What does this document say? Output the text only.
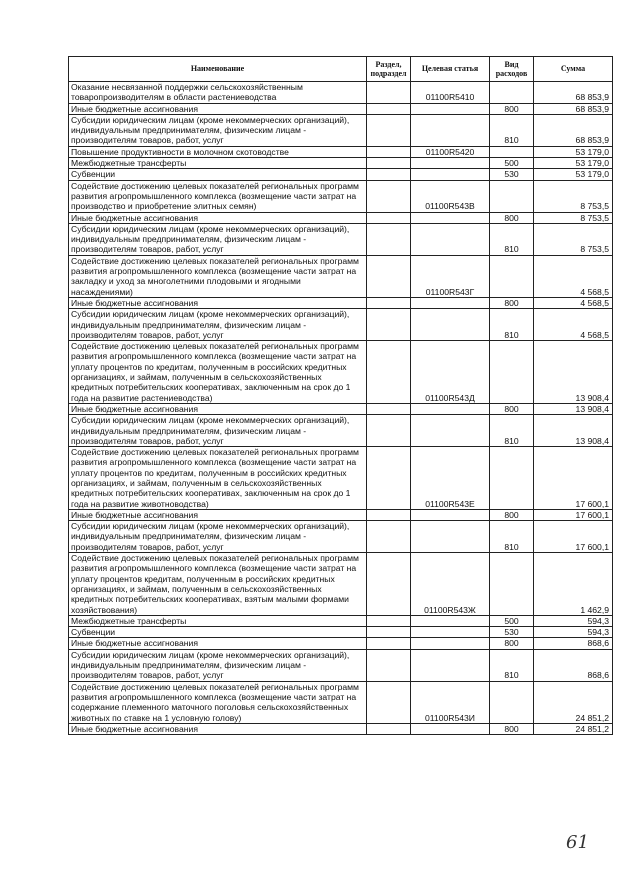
Наименование	Раздел, подраздел	Целевая статья	Вид расходов	Сумма
Оказание несвязанной поддержки сельскохозяйственным товаропроизводителям в области растениеводства		01100R5410		68 853,9
Иные бюджетные ассигнования			800	68 853,9
Субсидии юридическим лицам (кроме некоммерческих организаций), индивидуальным предпринимателям, физическим лицам - производителям товаров, работ, услуг			810	68 853,9
Повышение продуктивности в молочном скотоводстве		01100R5420		53 179,0
Межбюджетные трансферты			500	53 179,0
Субвенции			530	53 179,0
Содействие достижению целевых показателей региональных программ развития агропромышленного комплекса (возмещение части затрат на производство и приобретение элитных семян)		01100R543В		8 753,5
Иные бюджетные ассигнования			800	8 753,5
Субсидии юридическим лицам (кроме некоммерческих организаций), индивидуальным предпринимателям, физическим лицам - производителям товаров, работ, услуг			810	8 753,5
Содействие достижению целевых показателей региональных программ развития агропромышленного комплекса (возмещение части затрат на закладку и уход за многолетними плодовыми и ягодными насаждениями)		01100R543Г		4 568,5
Иные бюджетные ассигнования			800	4 568,5
Субсидии юридическим лицам (кроме некоммерческих организаций), индивидуальным предпринимателям, физическим лицам - производителям товаров, работ, услуг			810	4 568,5
Содействие достижению целевых показателей региональных программ развития агропромышленного комплекса (возмещение части затрат на уплату процентов по кредитам, полученным в российских кредитных организациях, и займам, полученным в сельскохозяйственных кредитных потребительских кооперативах, заключенным на срок до 1 года на развитие растениеводства)		01100R543Д		13 908,4
Иные бюджетные ассигнования			800	13 908,4
Субсидии юридическим лицам (кроме некоммерческих организаций), индивидуальным предпринимателям, физическим лицам - производителям товаров, работ, услуг			810	13 908,4
Содействие достижению целевых показателей региональных программ развития агропромышленного комплекса (возмещение части затрат на уплату процентов по кредитам, полученным в российских кредитных организациях, и займам, полученным в сельскохозяйственных кредитных потребительских кооперативах, заключенным на срок до 1 года на развитие животноводства)		01100R543Е		17 600,1
Иные бюджетные ассигнования			800	17 600,1
Субсидии юридическим лицам (кроме некоммерческих организаций), индивидуальным предпринимателям, физическим лицам - производителям товаров, работ, услуг			810	17 600,1
Содействие достижению целевых показателей региональных программ развития агропромышленного комплекса (возмещение части затрат на уплату процентов кредитам, полученным в российских кредитных организациях, и займам, полученным в сельскохозяйственных кредитных потребительских кооперативах, взятым малыми формами хозяйствования)		01100R543Ж		1 462,9
Межбюджетные трансферты			500	594,3
Субвенции			530	594,3
Иные бюджетные ассигнования			800	868,6
Субсидии юридическим лицам (кроме некоммерческих организаций), индивидуальным предпринимателям, физическим лицам - производителям товаров, работ, услуг			810	868,6
Содействие достижению целевых показателей региональных программ развития агропромышленного комплекса (возмещение части затрат на содержание племенного маточного поголовья сельскохозяйственных животных по ставке на 1 условную голову)		01100R543И		24 851,2
Иные бюджетные ассигнования			800	24 851,2
61
